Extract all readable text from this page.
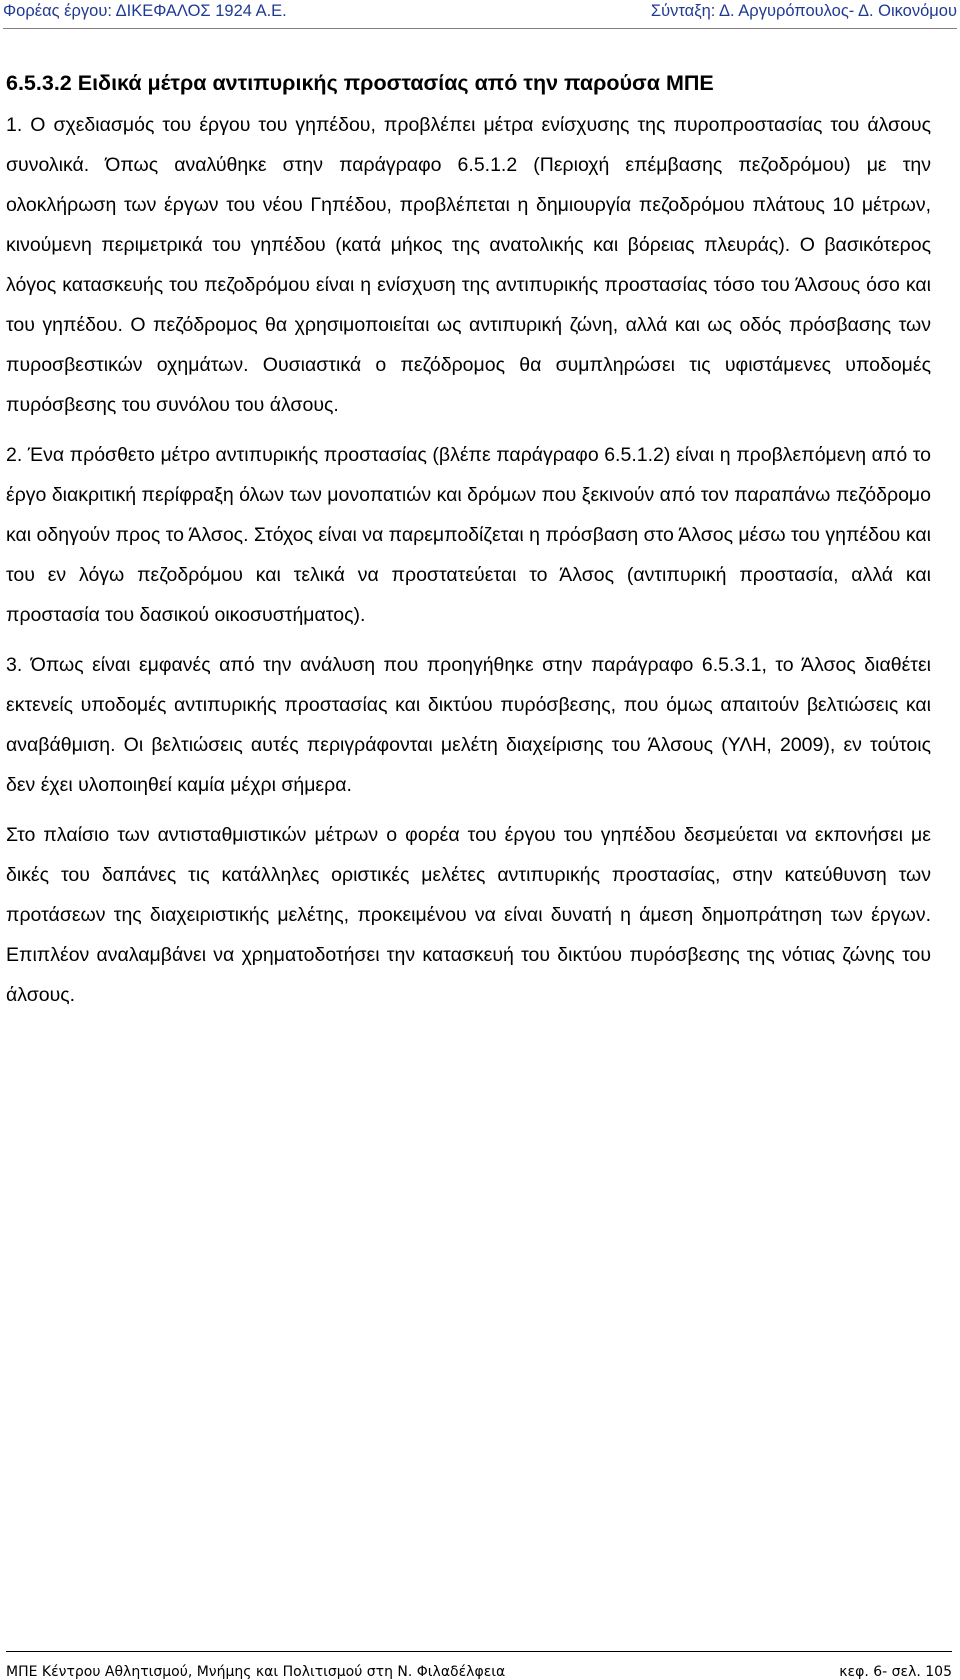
Φορέας έργου: ΔΙΚΕΦΑΛΟΣ 1924 Α.Ε.	Σύνταξη: Δ. Αργυρόπουλος- Δ. Οικονόμου
6.5.3.2 Ειδικά μέτρα αντιπυρικής προστασίας από την παρούσα ΜΠΕ

1. Ο σχεδιασμός του έργου του γηπέδου, προβλέπει μέτρα ενίσχυσης της πυροπροστασίας του άλσους συνολικά. Όπως αναλύθηκε στην παράγραφο 6.5.1.2 (Περιοχή επέμβασης πεζοδρόμου) με την ολοκλήρωση των έργων του νέου Γηπέδου, προβλέπεται η δημιουργία πεζοδρόμου πλάτους 10 μέτρων, κινούμενη περιμετρικά του γηπέδου (κατά μήκος της ανατολικής και βόρειας πλευράς). Ο βασικότερος λόγος κατασκευής του πεζοδρόμου είναι η ενίσχυση της αντιπυρικής προστασίας τόσο του Άλσους όσο και του γηπέδου. Ο πεζόδρομος θα χρησιμοποιείται ως αντιπυρική ζώνη, αλλά και ως οδός πρόσβασης των πυροσβεστικών οχημάτων. Ουσιαστικά ο πεζόδρομος θα συμπληρώσει τις υφιστάμενες υποδομές πυρόσβεσης του συνόλου του άλσους.

2. Ένα πρόσθετο μέτρο αντιπυρικής προστασίας (βλέπε παράγραφο 6.5.1.2) είναι η προβλεπόμενη από το έργο διακριτική περίφραξη όλων των μονοπατιών και δρόμων που ξεκινούν από τον παραπάνω πεζόδρομο και οδηγούν προς το Άλσος. Στόχος είναι να παρεμποδίζεται η πρόσβαση στο Άλσος μέσω του γηπέδου και του εν λόγω πεζοδρόμου και τελικά να προστατεύεται το Άλσος (αντιπυρική προστασία, αλλά και προστασία του δασικού οικοσυστήματος).

3. Όπως είναι εμφανές από την ανάλυση που προηγήθηκε στην παράγραφο 6.5.3.1, το Άλσος διαθέτει εκτενείς υποδομές αντιπυρικής προστασίας και δικτύου πυρόσβεσης, που όμως απαιτούν βελτιώσεις και αναβάθμιση. Οι βελτιώσεις αυτές περιγράφονται μελέτη διαχείρισης του Άλσους (ΥΛΗ, 2009), εν τούτοις δεν έχει υλοποιηθεί καμία μέχρι σήμερα.

Στο πλαίσιο των αντισταθμιστικών μέτρων ο φορέα του έργου του γηπέδου δεσμεύεται να εκπονήσει με δικές του δαπάνες τις κατάλληλες οριστικές μελέτες αντιπυρικής προστασίας, στην κατεύθυνση των προτάσεων της διαχειριστικής μελέτης, προκειμένου να είναι δυνατή η άμεση δημοπράτηση των έργων. Επιπλέον αναλαμβάνει να χρηματοδοτήσει την κατασκευή του δικτύου πυρόσβεσης της νότιας ζώνης του άλσους.

ΜΠΕ Κέντρου Αθλητισμού, Μνήμης και Πολιτισμού στη Ν. Φιλαδέλφεια	κεφ. 6- σελ. 105
